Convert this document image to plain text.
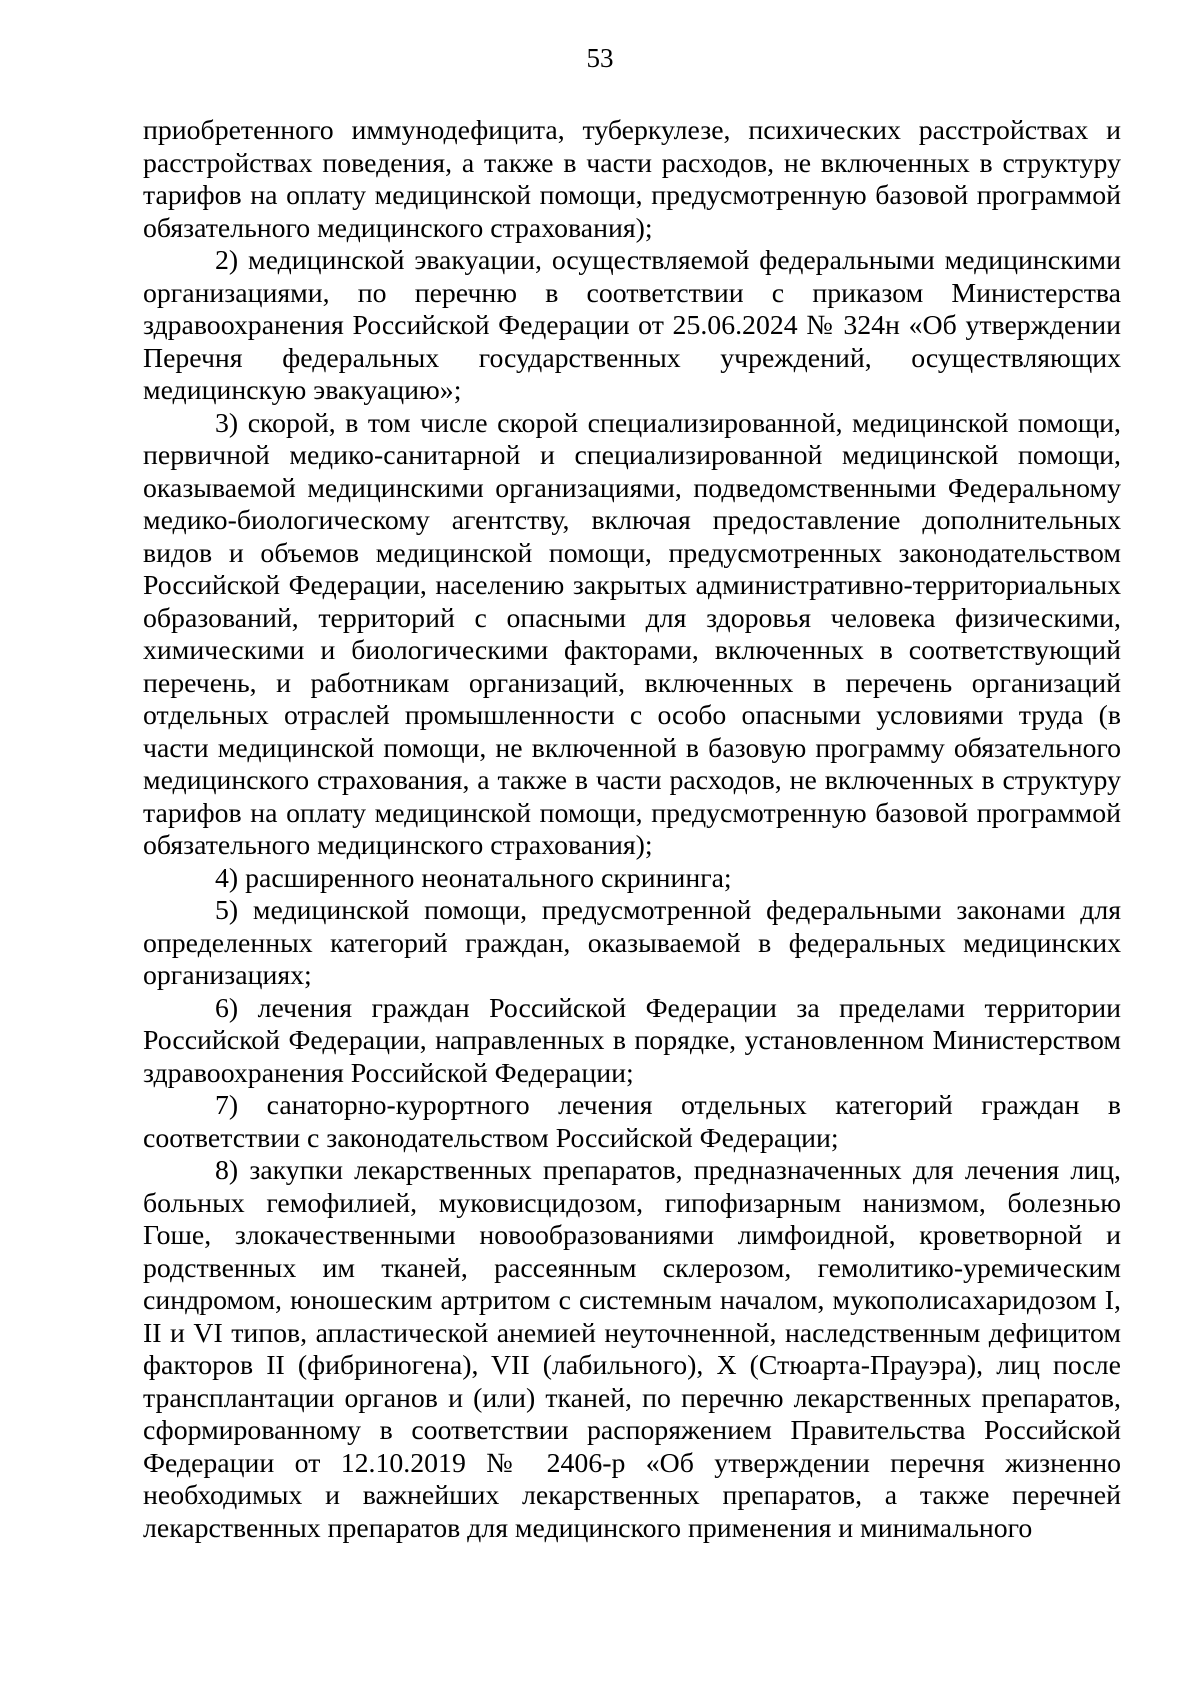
53

приобретенного иммунодефицита, туберкулезе, психических расстройствах и расстройствах поведения, а также в части расходов, не включенных в структуру тарифов на оплату медицинской помощи, предусмотренную базовой программой обязательного медицинского страхования);

2) медицинской эвакуации, осуществляемой федеральными медицинскими организациями, по перечню в соответствии с приказом Министерства здравоохранения Российской Федерации от 25.06.2024 № 324н «Об утверждении Перечня федеральных государственных учреждений, осуществляющих медицинскую эвакуацию»;

3) скорой, в том числе скорой специализированной, медицинской помощи, первичной медико-санитарной и специализированной медицинской помощи, оказываемой медицинскими организациями, подведомственными Федеральному медико-биологическому агентству, включая предоставление дополнительных видов и объемов медицинской помощи, предусмотренных законодательством Российской Федерации, населению закрытых административно-территориальных образований, территорий с опасными для здоровья человека физическими, химическими и биологическими факторами, включенных в соответствующий перечень, и работникам организаций, включенных в перечень организаций отдельных отраслей промышленности с особо опасными условиями труда (в части медицинской помощи, не включенной в базовую программу обязательного медицинского страхования, а также в части расходов, не включенных в структуру тарифов на оплату медицинской помощи, предусмотренную базовой программой обязательного медицинского страхования);

4) расширенного неонатального скрининга;

5) медицинской помощи, предусмотренной федеральными законами для определенных категорий граждан, оказываемой в федеральных медицинских организациях;

6) лечения граждан Российской Федерации за пределами территории Российской Федерации, направленных в порядке, установленном Министерством здравоохранения Российской Федерации;

7) санаторно-курортного лечения отдельных категорий граждан в соответствии с законодательством Российской Федерации;

8) закупки лекарственных препаратов, предназначенных для лечения лиц, больных гемофилией, муковисцидозом, гипофизарным нанизмом, болезнью Гоше, злокачественными новообразованиями лимфоидной, кроветворной и родственных им тканей, рассеянным склерозом, гемолитико-уремическим синдромом, юношеским артритом с системным началом, мукополисахаридозом I, II и VI типов, апластической анемией неуточненной, наследственным дефицитом факторов II (фибриногена), VII (лабильного), X (Стюарта-Прауэра), лиц после трансплантации органов и (или) тканей, по перечню лекарственных препаратов, сформированному в соответствии распоряжением Правительства Российской Федерации от 12.10.2019 № 2406-р «Об утверждении перечня жизненно необходимых и важнейших лекарственных препаратов, а также перечней лекарственных препаратов для медицинского применения и минимального
